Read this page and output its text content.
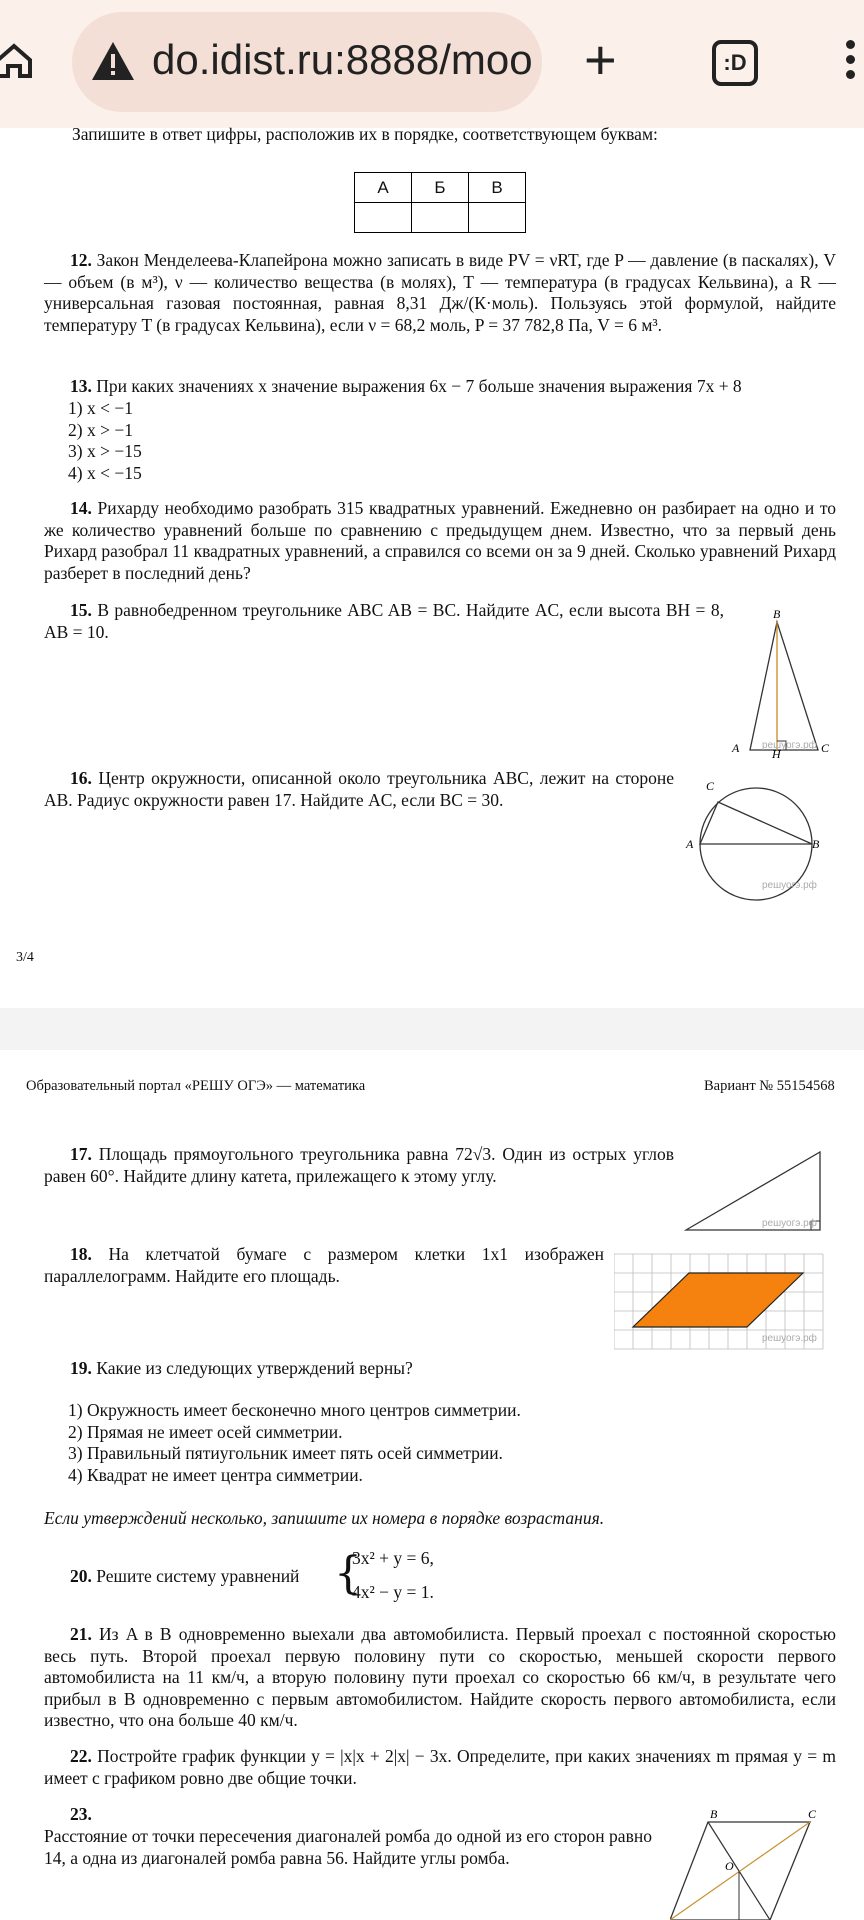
do.idist.ru:8888/moo +	:D
Запишите в ответ цифры, расположив их в порядке, соответствующем буквам:
А	Б	В

12. Закон Менделеева-Клапейрона можно записать в виде PV = νRT, где P — давление (в паскалях), V — объем (в м³), ν — количество вещества (в молях), T — температура (в градусах Кельвина), а R — универсальная газовая постоянная, равная 8,31 Дж/(К·моль). Пользуясь этой формулой, найдите температуру T (в градусах Кельвина), если ν = 68,2 моль, P = 37 782,8 Па, V = 6 м³.
13. При каких значениях x значение выражения 6x − 7 больше значения выражения 7x + 8
1) x < −1
2) x > −1
3) x > −15
4) x < −15
14. Рихарду необходимо разобрать 315 квадратных уравнений. Ежедневно он разбирает на одно и то же количество уравнений больше по сравнению с предыдущем днем. Известно, что за первый день Рихард разобрал 11 квадратных уравнений, а справился со всеми он за 9 дней. Сколько уравнений Рихард разберет в последний день?
15. В равнобедренном треугольнике ABC AB = BC. Найдите AC, если высота BH = 8, AB = 10.
B
A	H	C
решуогэ.рф
16. Центр окружности, описанной около треугольника ABC, лежит на стороне AB. Радиус окружности равен 17. Найдите AC, если BC = 30.
C
A	B
решуогэ.рф
3/4
Образовательный портал «РЕШУ ОГЭ» — математика	Вариант № 55154568
17. Площадь прямоугольного треугольника равна 72√3. Один из острых углов равен 60°. Найдите длину катета, прилежащего к этому углу.
решуогэ.рф
18. На клетчатой бумаге с размером клетки 1x1 изображен параллелограмм. Найдите его площадь.
решуогэ.рф
19. Какие из следующих утверждений верны?
1) Окружность имеет бесконечно много центров симметрии.
2) Прямая не имеет осей симметрии.
3) Правильный пятиугольник имеет пять осей симметрии.
4) Квадрат не имеет центра симметрии.
Если утверждений несколько, запишите их номера в порядке возрастания.
20. Решите систему уравнений {
3x² + y = 6,
4x² − y = 1.
21. Из A в B одновременно выехали два автомобилиста. Первый проехал с постоянной скоростью весь путь. Второй проехал первую половину пути со скоростью, меньшей скорости первого автомобилиста на 11 км/ч, а вторую половину пути проехал со скоростью 66 км/ч, в результате чего прибыл в B одновременно с первым автомобилистом. Найдите скорость первого автомобилиста, если известно, что она больше 40 км/ч.
22. Постройте график функции y = |x|x + 2|x| − 3x. Определите, при каких значениях m прямая y = m имеет с графиком ровно две общие точки.
23.
Расстояние от точки пересечения диагоналей ромба до одной из его сторон равно 14, а одна из диагоналей ромба равна 56. Найдите углы ромба.
B	C
O
